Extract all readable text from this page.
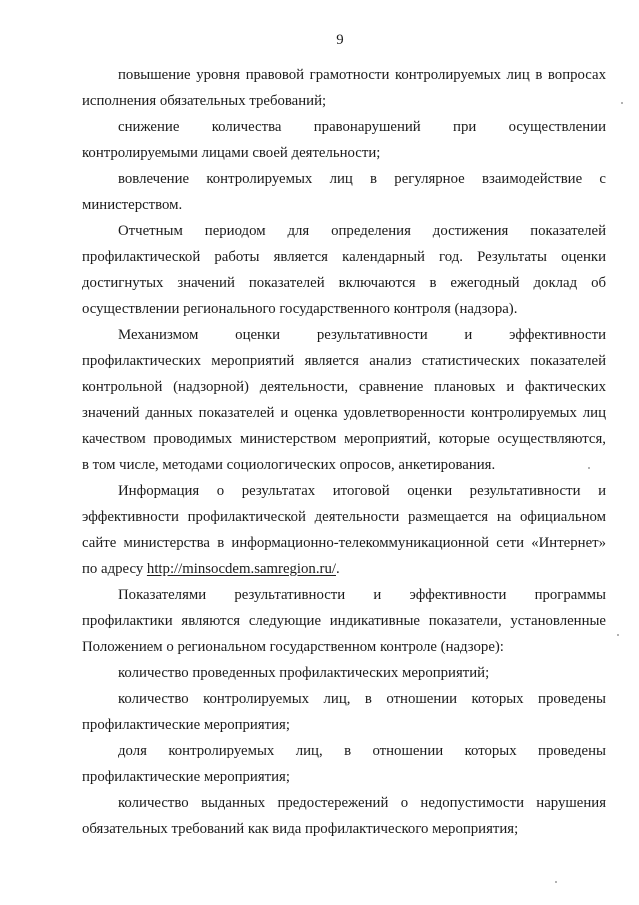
9
повышение уровня правовой грамотности контролируемых лиц в вопросах
исполнения обязательных требований;
снижение количества правонарушений при осуществлении
контролируемыми лицами своей деятельности;
вовлечение контролируемых лиц в регулярное взаимодействие с
министерством.
Отчетным периодом для определения достижения показателей
профилактической работы является календарный год. Результаты оценки
достигнутых значений показателей включаются в ежегодный доклад об
осуществлении регионального государственного контроля (надзора).
Механизмом оценки результативности и эффективности
профилактических мероприятий является анализ статистических показателей
контрольной (надзорной) деятельности, сравнение плановых и фактических
значений данных показателей и оценка удовлетворенности контролируемых лиц
качеством проводимых министерством мероприятий, которые осуществляются,
в том числе, методами социологических опросов, анкетирования.
Информация о результатах итоговой оценки результативности и
эффективности профилактической деятельности размещается на официальном
сайте министерства в информационно-телекоммуникационной сети «Интернет»
по адресу http://minsocdem.samregion.ru/.
Показателями результативности и эффективности программы
профилактики являются следующие индикативные показатели, установленные
Положением о региональном государственном контроле (надзоре):
количество проведенных профилактических мероприятий;
количество контролируемых лиц, в отношении которых проведены
профилактические мероприятия;
доля контролируемых лиц, в отношении которых проведены
профилактические мероприятия;
количество выданных предостережений о недопустимости нарушения
обязательных требований как вида профилактического мероприятия;
